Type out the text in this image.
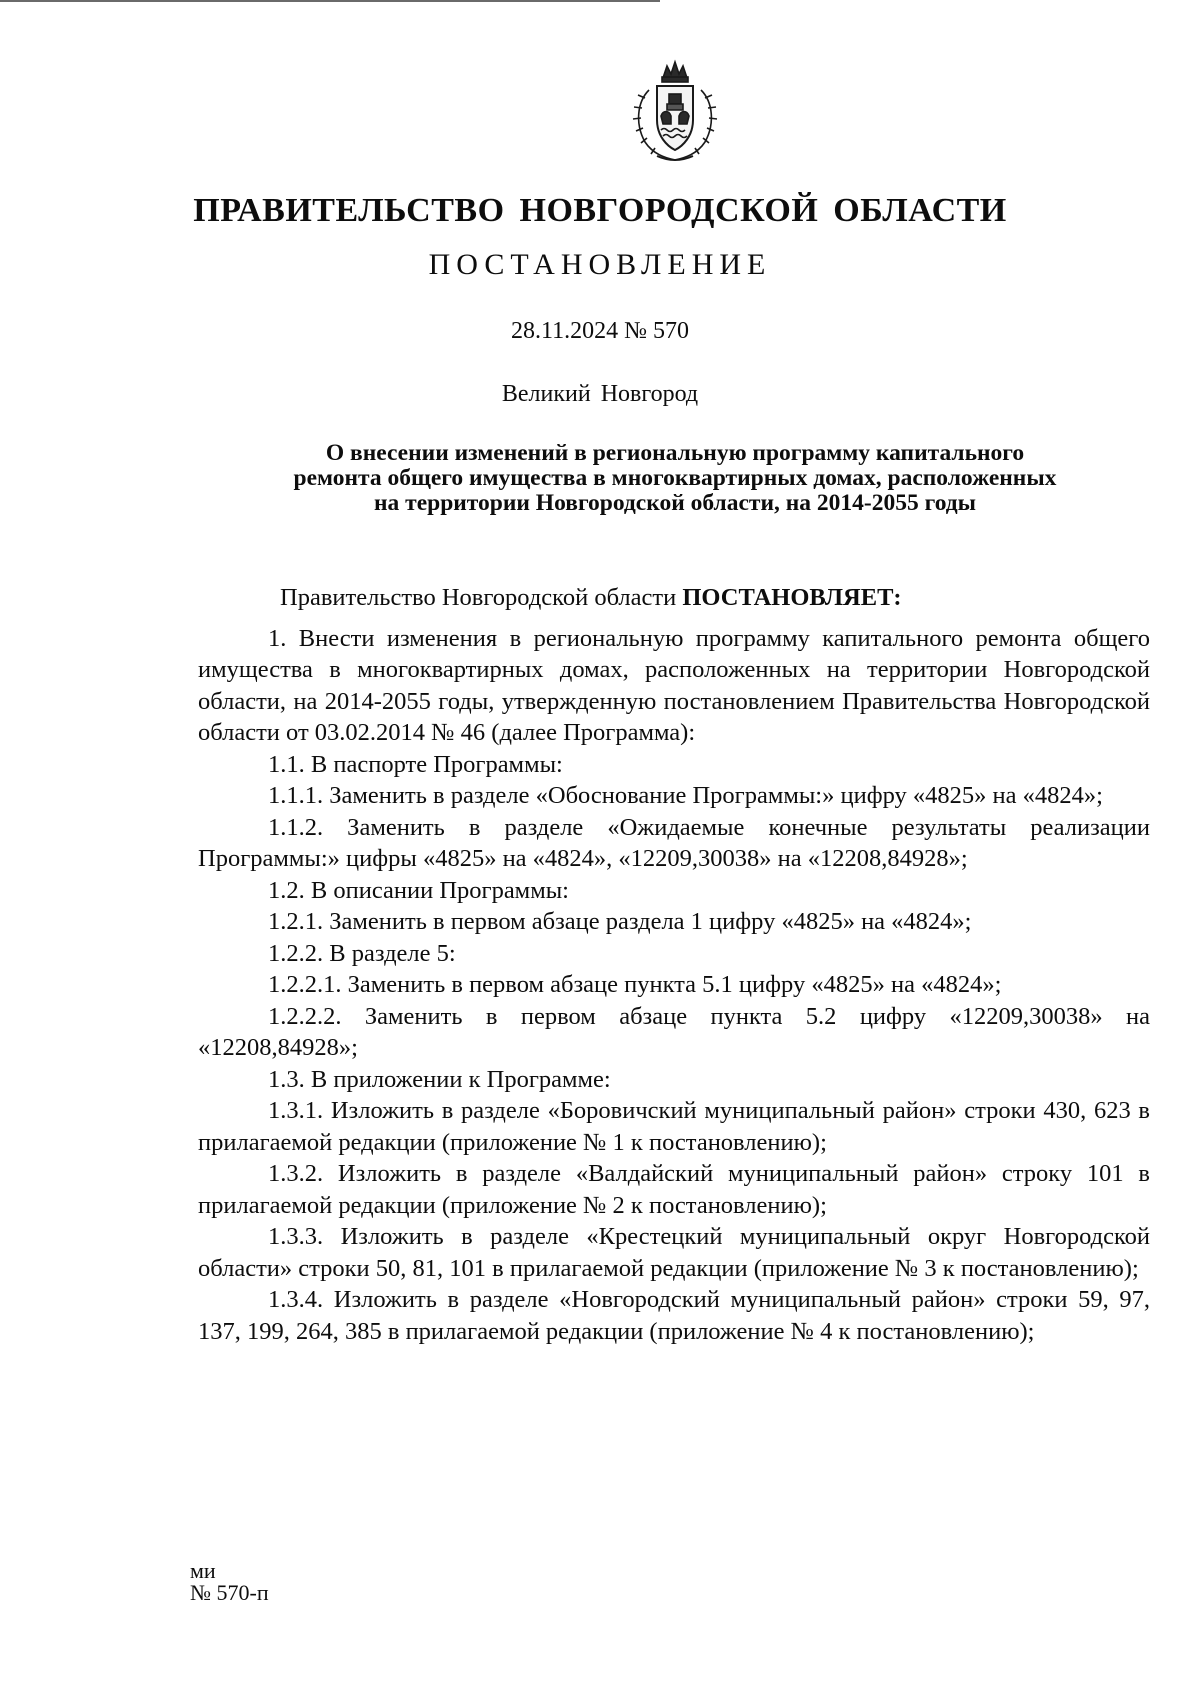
ПРАВИТЕЛЬСТВО НОВГОРОДСКОЙ ОБЛАСТИ
ПОСТАНОВЛЕНИЕ
28.11.2024 № 570
Великий Новгород
О внесении изменений в региональную программу капитального
ремонта общего имущества в многоквартирных домах, расположенных
на территории Новгородской области, на 2014-2055 годы

Правительство Новгородской области ПОСТАНОВЛЯЕТ:

1. Внести изменения в региональную программу капитального ремонта общего имущества в многоквартирных домах, расположенных на территории Новгородской области, на 2014-2055 годы, утвержденную постановлением Правительства Новгородской области от 03.02.2014 № 46 (далее Программа):

1.1. В паспорте Программы:

1.1.1. Заменить в разделе «Обоснование Программы:» цифру «4825» на «4824»;

1.1.2. Заменить в разделе «Ожидаемые конечные результаты реализации Программы:» цифры «4825» на «4824», «12209,30038» на «12208,84928»;

1.2. В описании Программы:

1.2.1. Заменить в первом абзаце раздела 1 цифру «4825» на «4824»;

1.2.2. В разделе 5:

1.2.2.1. Заменить в первом абзаце пункта 5.1 цифру «4825» на «4824»;

1.2.2.2. Заменить в первом абзаце пункта 5.2 цифру «12209,30038» на «12208,84928»;

1.3. В приложении к Программе:

1.3.1. Изложить в разделе «Боровичский муниципальный район» строки 430, 623 в прилагаемой редакции (приложение № 1 к постановлению);

1.3.2. Изложить в разделе «Валдайский муниципальный район» строку 101 в прилагаемой редакции (приложение № 2 к постановлению);

1.3.3. Изложить в разделе «Крестецкий муниципальный округ Новгородской области» строки 50, 81, 101 в прилагаемой редакции (приложение № 3 к постановлению);

1.3.4. Изложить в разделе «Новгородский муниципальный район» строки 59, 97, 137, 199, 264, 385 в прилагаемой редакции (приложение № 4 к постановлению);

ми
№ 570-п
